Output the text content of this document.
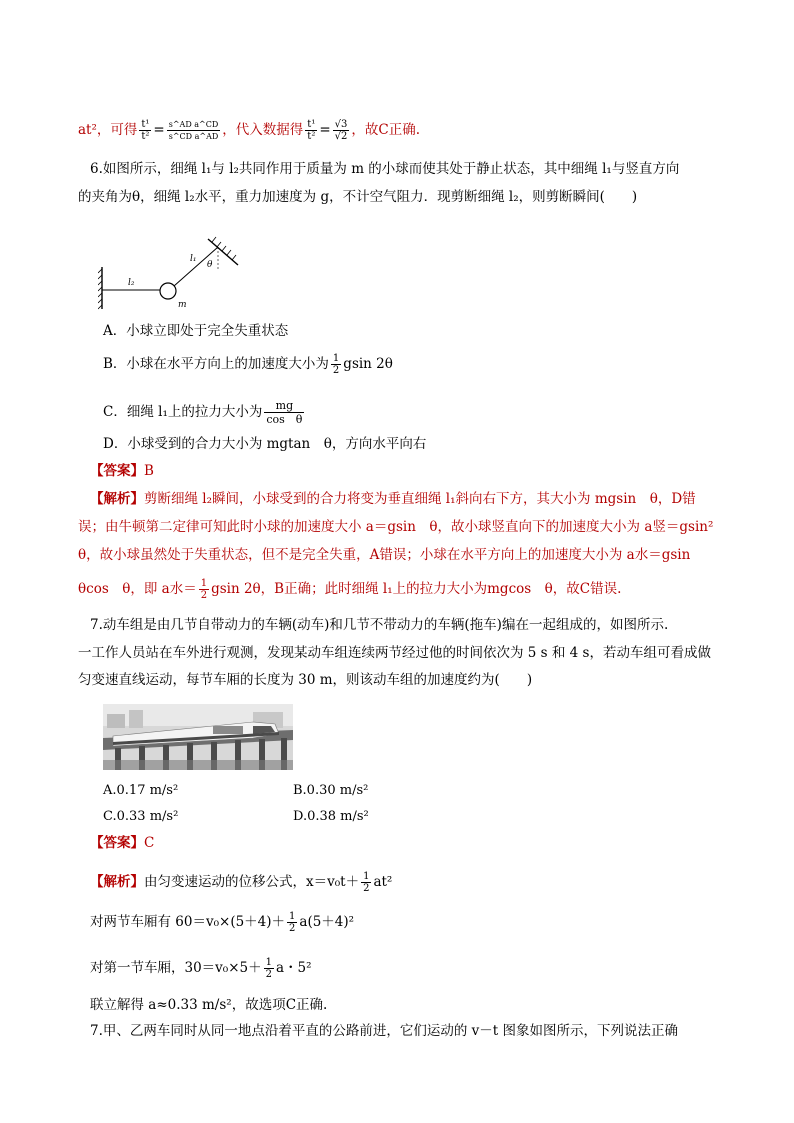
at²，可得 $\frac{\text{t¹}}{\text{t²}} = \frac{\text{s\textasciicircum{}AD a\textasciicircum{}CD}}{\text{s\textasciicircum{}CD a\textasciicircum{}AD}}$ ，代入数据得 $\frac{\text{t¹}}{\text{t²}} = \frac{√3}{√2}$ ，故C正确.
6.如图所示，细绳 l₁与 l₂共同作用于质量为 m 的小球而使其处于静止状态，其中细绳 l₁与竖直方向
的夹角为θ，细绳 l₂水平，重力加速度为 g，不计空气阻力．现剪断细绳 l₂，则剪断瞬间(　　)
l₂
l₁
θ
m
A．小球立即处于完全失重状态
B．小球在水平方向上的加速度大小为 $\frac{1}{2}$ gsin 2θ
C．细绳 l₁上的拉力大小为 $\frac{mg}{\text{cos　θ}}$
D．小球受到的合力大小为 mgtan　θ，方向水平向右
【答案】B
【解析】剪断细绳 l₂瞬间，小球受到的合力将变为垂直细绳 l₁斜向右下方，其大小为 mgsin　θ，D错
误；由牛顿第二定律可知此时小球的加速度大小 a＝gsin　θ，故小球竖直向下的加速度大小为 a竖＝gsin²
θ，故小球虽然处于失重状态，但不是完全失重，A错误；小球在水平方向上的加速度大小为 a水＝gsin
θcos　θ，即 a水＝ $\frac{1}{2}$ gsin 2θ，B正确；此时细绳 l₁上的拉力大小为mgcos　θ，故C错误.
7.动车组是由几节自带动力的车辆(动车)和几节不带动力的车辆(拖车)编在一起组成的，如图所示.
一工作人员站在车外进行观测，发现某动车组连续两节经过他的时间依次为 5 s 和 4 s，若动车组可看成做
匀变速直线运动，每节车厢的长度为 30 m，则该动车组的加速度约为(　　)
A.0.17 m/s²	B.0.30 m/s²
C.0.33 m/s²	D.0.38 m/s²
【答案】C
【解析】由匀变速运动的位移公式，$x=v_0t+ \frac{1}{2} at^2$
对两节车厢有 $60=v_0\times(5+4)+ \frac{1}{2} a(5+4)^2$
对第一节车厢，$30=v_0\times 5+ \frac{1}{2}$ a・5²
联立解得 a≈0.33 m/s²，故选项C正确.
7.甲、乙两车同时从同一地点沿着平直的公路前进，它们运动的 v－t 图象如图所示，下列说法正确
